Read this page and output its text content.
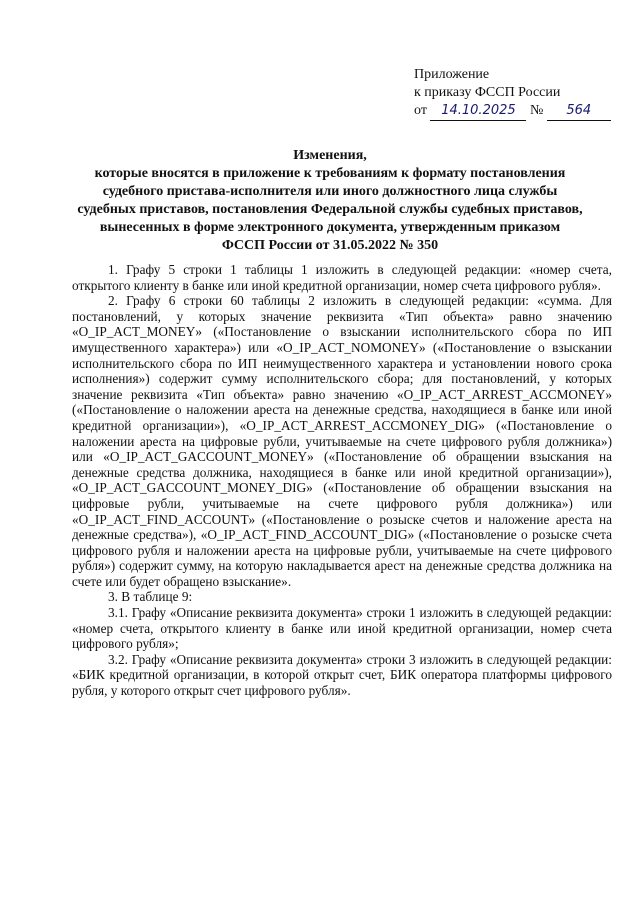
Приложение
к приказу ФССП России
от 14.10.2025 № 564
Изменения,
которые вносятся в приложение к требованиям к формату постановления
судебного пристава-исполнителя или иного должностного лица службы
судебных приставов, постановления Федеральной службы судебных приставов,
вынесенных в форме электронного документа, утвержденным приказом
ФССП России от 31.05.2022 № 350

1. Графу 5 строки 1 таблицы 1 изложить в следующей редакции: «номер счета, открытого клиенту в банке или иной кредитной организации, номер счета цифрового рубля».

2. Графу 6 строки 60 таблицы 2 изложить в следующей редакции: «сумма. Для постановлений, у которых значение реквизита «Тип объекта» равно значению «O_IP_ACT_MONEY» («Постановление о взыскании исполнительского сбора по ИП имущественного характера») или «O_IP_ACT_NOMONEY» («Постановление о взыскании исполнительского сбора по ИП неимущественного характера и установлении нового срока исполнения») содержит сумму исполнительского сбора; для постановлений, у которых значение реквизита «Тип объекта» равно значению «O_IP_ACT_ARREST_ACCMONEY» («Постановление о наложении ареста на денежные средства, находящиеся в банке или иной кредитной организации»), «O_IP_ACT_ARREST_ACCMONEY_DIG» («Постановление о наложении ареста на цифровые рубли, учитываемые на счете цифрового рубля должника») или «O_IP_ACT_GACCOUNT_MONEY» («Постановление об обращении взыскания на денежные средства должника, находящиеся в банке или иной кредитной организации»), «O_IP_ACT_GACCOUNT_MONEY_DIG» («Постановление об обращении взыскания на цифровые рубли, учитываемые на счете цифрового рубля должника») или «O_IP_ACT_FIND_ACCOUNT» («Постановление о розыске счетов и наложение ареста на денежные средства»), «O_IP_ACT_FIND_ACCOUNT_DIG» («Постановление о розыске счета цифрового рубля и наложении ареста на цифровые рубли, учитываемые на счете цифрового рубля») содержит сумму, на которую накладывается арест на денежные средства должника на счете или будет обращено взыскание».

3. В таблице 9:

3.1. Графу «Описание реквизита документа» строки 1 изложить в следующей редакции: «номер счета, открытого клиенту в банке или иной кредитной организации, номер счета цифрового рубля»;

3.2. Графу «Описание реквизита документа» строки 3 изложить в следующей редакции: «БИК кредитной организации, в которой открыт счет, БИК оператора платформы цифрового рубля, у которого открыт счет цифрового рубля».
